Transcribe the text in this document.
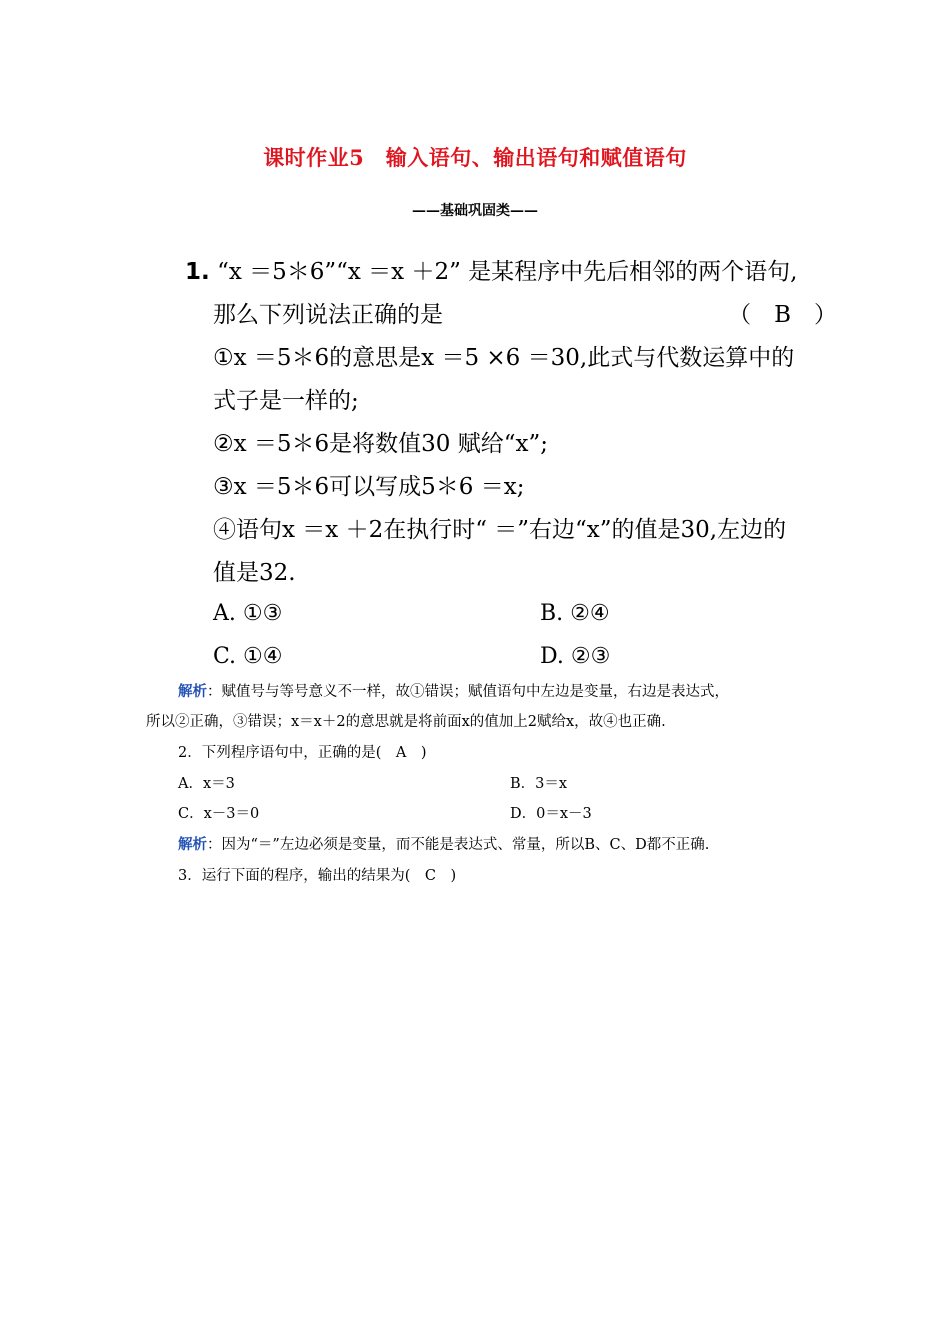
课时作业5　输入语句、输出语句和赋值语句
——基础巩固类——
1. “x ＝5＊6”“x ＝x ＋2” 是某程序中先后相邻的两个语句,
那么下列说法正确的是	（　B　）
①x ＝5＊6的意思是x ＝5 ×6 ＝30,此式与代数运算中的
式子是一样的;
②x ＝5＊6是将数值30 赋给“x”;
③x ＝5＊6可以写成5＊6 ＝x;
④语句x ＝x ＋2在执行时“ ＝”右边“x”的值是30,左边的
值是32.
A. ①③	B. ②④
C. ①④	D. ②③
解析：赋值号与等号意义不一样，故①错误；赋值语句中左边是变量，右边是表达式，
所以②正确，③错误；x＝x＋2的意思就是将前面x的值加上2赋给x，故④也正确.
2．下列程序语句中，正确的是(　A　)
A．x＝3	B．3＝x
C．x－3＝0	D．0＝x－3
解析：因为“＝”左边必须是变量，而不能是表达式、常量，所以B、C、D都不正确.
3．运行下面的程序，输出的结果为(　C　)
